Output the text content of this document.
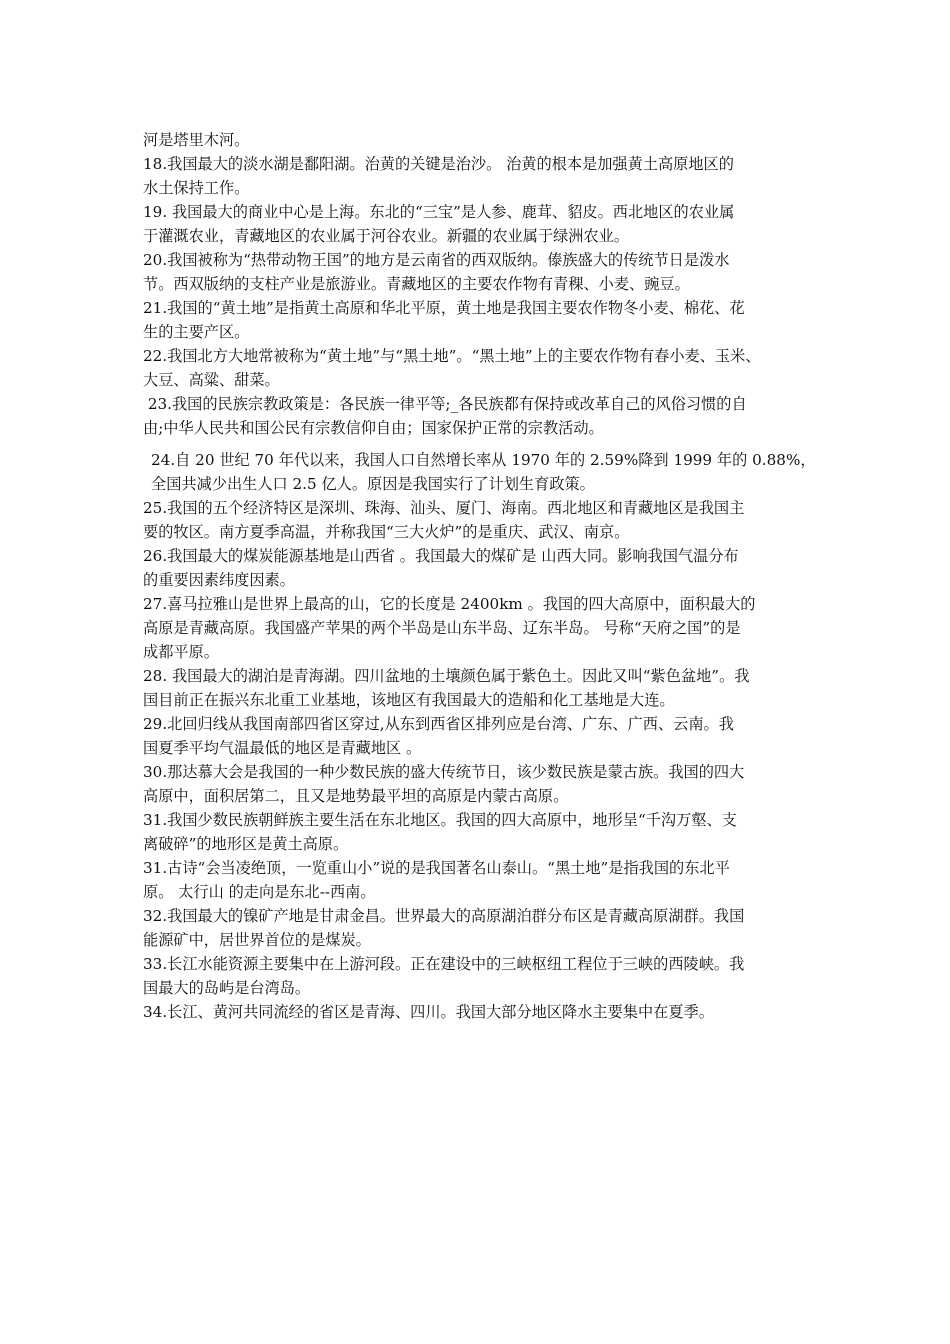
河是塔里木河。

18.我国最大的淡水湖是鄱阳湖。治黄的关键是治沙。 治黄的根本是加强黄土高原地区的
水土保持工作。

19. 我国最大的商业中心是上海。东北的“三宝”是人参、鹿茸、貂皮。西北地区的农业属
于灌溉农业，青藏地区的农业属于河谷农业。新疆的农业属于绿洲农业。

20.我国被称为“热带动物王国”的地方是云南省的西双版纳。傣族盛大的传统节日是泼水
节。西双版纳的支柱产业是旅游业。青藏地区的主要农作物有青稞、小麦、豌豆。

21.我国的“黄土地”是指黄土高原和华北平原，黄土地是我国主要农作物冬小麦、棉花、花
生的主要产区。

22.我国北方大地常被称为“黄土地”与“黑土地”。“黑土地”上的主要农作物有春小麦、玉米、
大豆、高粱、甜菜。

23.我国的民族宗教政策是：各民族一律平等;_各民族都有保持或改革自己的风俗习惯的自
由;中华人民共和国公民有宗教信仰自由；国家保护正常的宗教活动。

24.自 20 世纪 70 年代以来，我国人口自然增长率从 1970 年的 2.59%降到 1999 年的 0.88%，
全国共减少出生人口 2.5 亿人。原因是我国实行了计划生育政策。

25.我国的五个经济特区是深圳、珠海、汕头、厦门、海南。西北地区和青藏地区是我国主
要的牧区。南方夏季高温，并称我国“三大火炉”的是重庆、武汉、南京。

26.我国最大的煤炭能源基地是山西省 。我国最大的煤矿是 山西大同。影响我国气温分布
的重要因素纬度因素。

27.喜马拉雅山是世界上最高的山，它的长度是 2400km 。我国的四大高原中，面积最大的
高原是青藏高原。我国盛产苹果的两个半岛是山东半岛、辽东半岛。 号称“天府之国”的是
成都平原。

28. 我国最大的湖泊是青海湖。四川盆地的土壤颜色属于紫色土。因此又叫“紫色盆地”。我
国目前正在振兴东北重工业基地，该地区有我国最大的造船和化工基地是大连。

29.北回归线从我国南部四省区穿过,从东到西省区排列应是台湾、广东、广西、云南。我
国夏季平均气温最低的地区是青藏地区 。

30.那达慕大会是我国的一种少数民族的盛大传统节日，该少数民族是蒙古族。我国的四大
高原中，面积居第二，且又是地势最平坦的高原是内蒙古高原。

31.我国少数民族朝鲜族主要生活在东北地区。我国的四大高原中，地形呈“千沟万壑、支
离破碎”的地形区是黄土高原。

31.古诗“会当凌绝顶，一览重山小”说的是我国著名山泰山。“黑土地”是指我国的东北平
原。 太行山 的走向是东北--西南。

32.我国最大的镍矿产地是甘肃金昌。世界最大的高原湖泊群分布区是青藏高原湖群。我国
能源矿中，居世界首位的是煤炭。

33.长江水能资源主要集中在上游河段。正在建设中的三峡枢纽工程位于三峡的西陵峡。我
国最大的岛屿是台湾岛。

34.长江、黄河共同流经的省区是青海、四川。我国大部分地区降水主要集中在夏季。
